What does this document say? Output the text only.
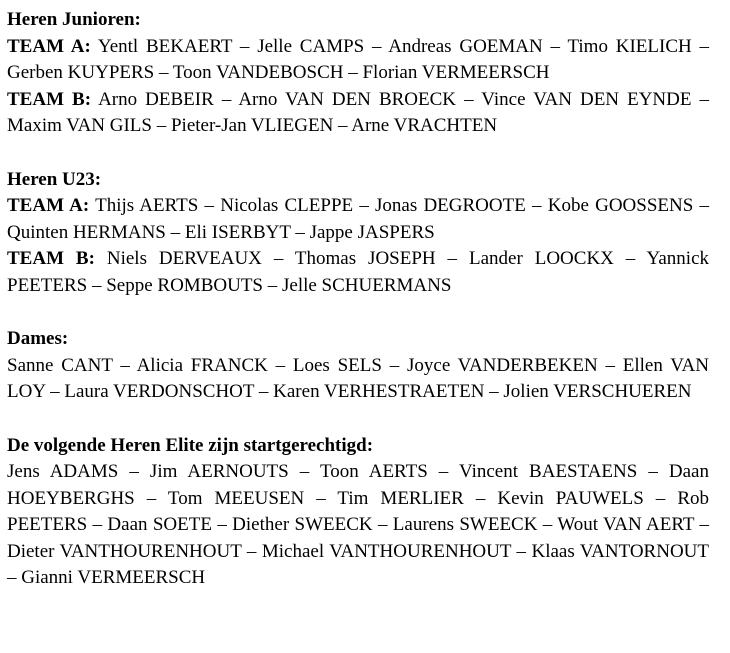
Heren Junioren:

TEAM A: Yentl BEKAERT – Jelle CAMPS – Andreas GOEMAN – Timo KIELICH – Gerben KUYPERS – Toon VANDEBOSCH – Florian VERMEERSCH

TEAM B: Arno DEBEIR – Arno VAN DEN BROECK – Vince VAN DEN EYNDE – Maxim VAN GILS – Pieter-Jan VLIEGEN – Arne VRACHTEN

Heren U23:

TEAM A: Thijs AERTS – Nicolas CLEPPE – Jonas DEGROOTE – Kobe GOOSSENS – Quinten HERMANS – Eli ISERBYT – Jappe JASPERS

TEAM B: Niels DERVEAUX – Thomas JOSEPH – Lander LOOCKX – Yannick PEETERS – Seppe ROMBOUTS – Jelle SCHUERMANS

Dames:

Sanne CANT – Alicia FRANCK – Loes SELS – Joyce VANDERBEKEN – Ellen VAN LOY – Laura VERDONSCHOT – Karen VERHESTRAETEN – Jolien VERSCHUEREN

De volgende Heren Elite zijn startgerechtigd:

Jens ADAMS – Jim AERNOUTS – Toon AERTS – Vincent BAESTAENS – Daan HOEYBERGHS – Tom MEEUSEN – Tim MERLIER – Kevin PAUWELS – Rob PEETERS – Daan SOETE – Diether SWEECK – Laurens SWEECK – Wout VAN AERT – Dieter VANTHOURENHOUT – Michael VANTHOURENHOUT – Klaas VANTORNOUT – Gianni VERMEERSCH
